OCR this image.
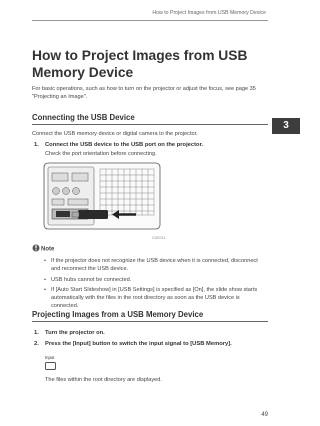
How to Project Images from USB Memory Device
3
How to Project Images from USB Memory Device
For basic operations, such as how to turn on the projector or adjust the focus, see page 35 "Projecting an Image".
Connecting the USB Device
Connect the USB memory device or digital camera to the projector.
1. Connect the USB device to the USB port on the projector.
Check the port orientation before connecting.
CUE011
Note
• If the projector does not recognize the USB device when it is connected, disconnect and reconnect the USB device.
• USB hubs cannot be connected.
• If [Auto Start Slideshow] in [USB Settings] is specified as [On], the slide show starts automatically with the files in the root directory as soon as the USB device is connected.
Projecting Images from a USB Memory Device
1. Turn the projector on.
2. Press the [Input] button to switch the input signal to [USB Memory].
Input
The files within the root directory are displayed.
49
